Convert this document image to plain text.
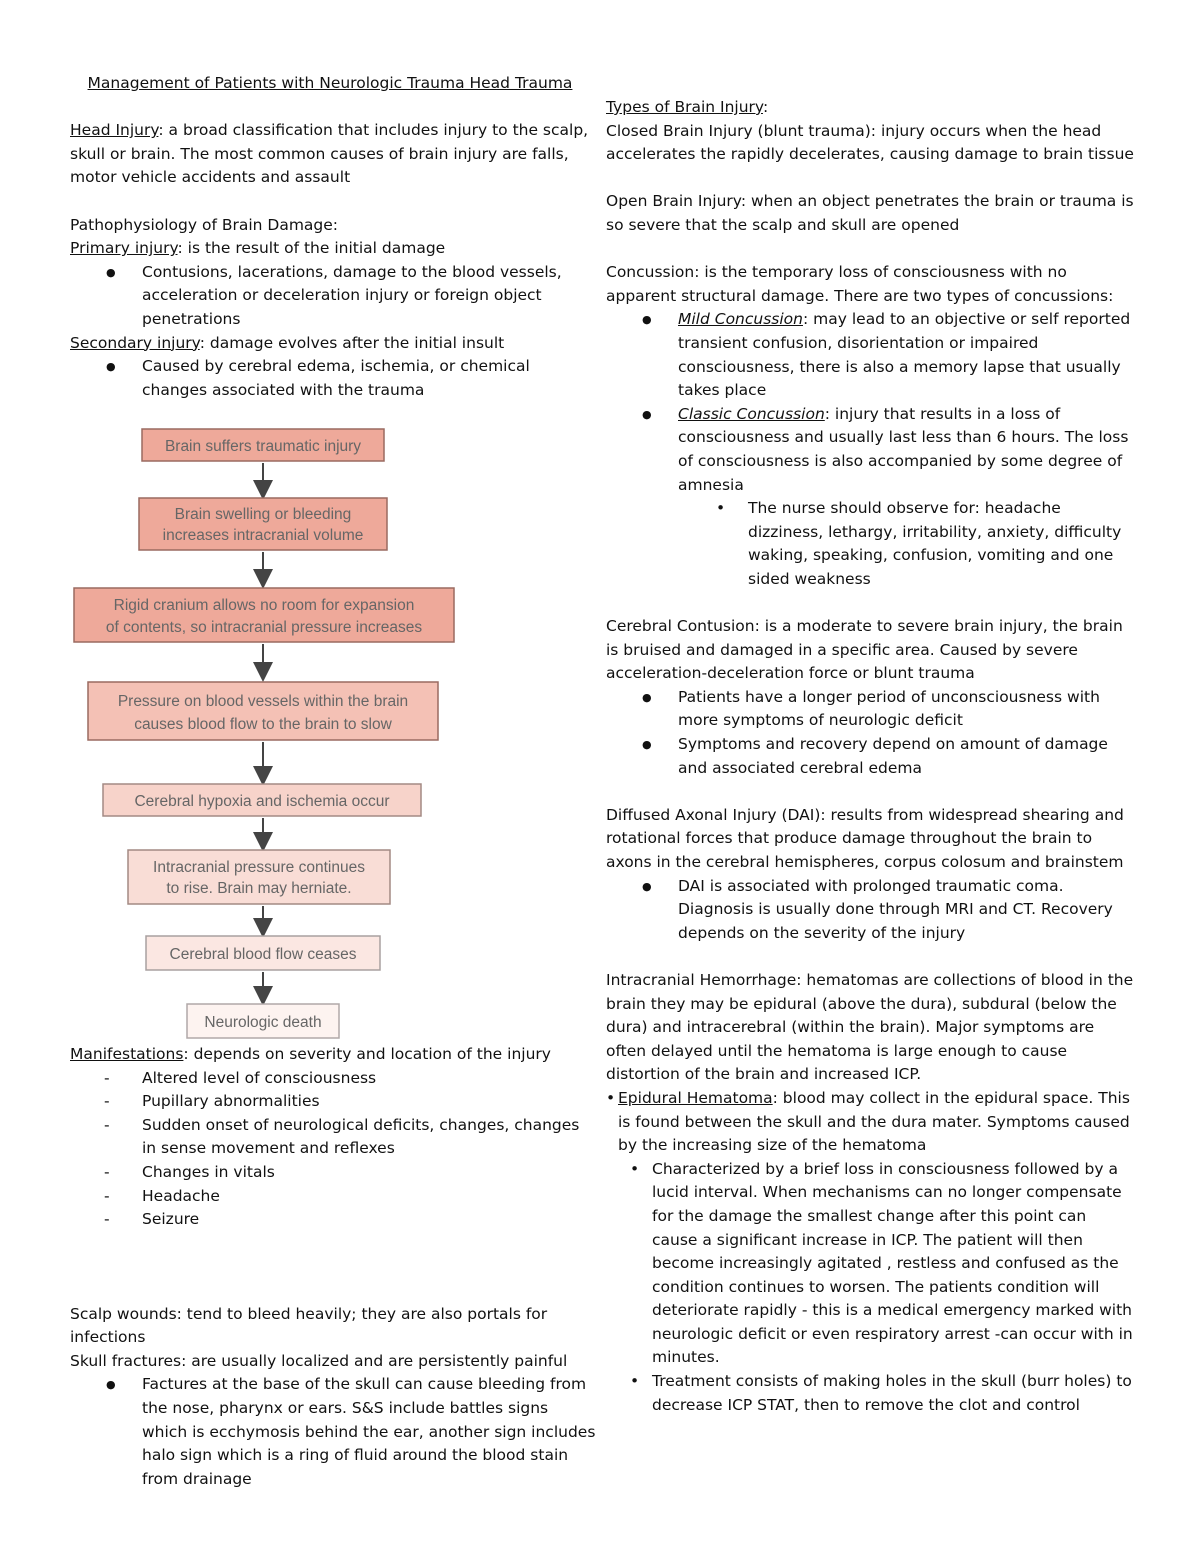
Management of Patients with Neurologic Trauma Head Trauma

Head Injury: a broad classification that includes injury to the scalp, skull or brain. The most common causes of brain injury are falls, motor vehicle accidents and assault

Pathophysiology of Brain Damage:

Primary injury: is the result of the initial damage

● Contusions, lacerations, damage to the blood vessels, acceleration or deceleration injury or foreign object penetrations

Secondary injury: damage evolves after the initial insult

● Caused by cerebral edema, ischemia, or chemical changes associated with the trauma
Brain suffers traumatic injury
Brain swelling or bleeding
increases intracranial volume
Rigid cranium allows no room for expansion
of contents, so intracranial pressure increases
Pressure on blood vessels within the brain
causes blood flow to the brain to slow
Cerebral hypoxia and ischemia occur
Intracranial pressure continues
to rise. Brain may herniate.
Cerebral blood flow ceases
Neurologic death

Manifestations: depends on severity and location of the injury

- Altered level of consciousness
- Pupillary abnormalities
- Sudden onset of neurological deficits, changes, changes in sense movement and reflexes
- Changes in vitals
- Headache
- Seizure

Scalp wounds: tend to bleed heavily; they are also portals for infections

Skull fractures: are usually localized and are persistently painful

● Factures at the base of the skull can cause bleeding from the nose, pharynx or ears. S&S include battles signs which is ecchymosis behind the ear, another sign includes halo sign which is a ring of fluid around the blood stain from drainage

Types of Brain Injury:

Closed Brain Injury (blunt trauma): injury occurs when the head accelerates the rapidly decelerates, causing damage to brain tissue

Open Brain Injury: when an object penetrates the brain or trauma is so severe that the scalp and skull are opened

Concussion: is the temporary loss of consciousness with no apparent structural damage. There are two types of concussions:

● Mild Concussion: may lead to an objective or self reported transient confusion, disorientation or impaired consciousness, there is also a memory lapse that usually takes place
● Classic Concussion: injury that results in a loss of consciousness and usually last less than 6 hours. The loss of consciousness is also accompanied by some degree of amnesia
• The nurse should observe for: headache dizziness, lethargy, irritability, anxiety, difficulty waking, speaking, confusion, vomiting and one sided weakness

Cerebral Contusion: is a moderate to severe brain injury, the brain is bruised and damaged in a specific area. Caused by severe acceleration-deceleration force or blunt trauma

● Patients have a longer period of unconsciousness with more symptoms of neurologic deficit
● Symptoms and recovery depend on amount of damage and associated cerebral edema

Diffused Axonal Injury (DAI): results from widespread shearing and rotational forces that produce damage throughout the brain to axons in the cerebral hemispheres, corpus colosum and brainstem

● DAI is associated with prolonged traumatic coma. Diagnosis is usually done through MRI and CT. Recovery depends on the severity of the injury

Intracranial Hemorrhage: hematomas are collections of blood in the brain they may be epidural (above the dura), subdural (below the dura) and intracerebral (within the brain). Major symptoms are often delayed until the hematoma is large enough to cause distortion of the brain and increased ICP.

• Epidural Hematoma: blood may collect in the epidural space. This is found between the skull and the dura mater. Symptoms caused by the increasing size of the hematoma
• Characterized by a brief loss in consciousness followed by a lucid interval. When mechanisms can no longer compensate for the damage the smallest change after this point can cause a significant increase in ICP. The patient will then become increasingly agitated , restless and confused as the condition continues to worsen. The patients condition will deteriorate rapidly - this is a medical emergency marked with neurologic deficit or even respiratory arrest -can occur with in minutes.
• Treatment consists of making holes in the skull (burr holes) to decrease ICP STAT, then to remove the clot and control
